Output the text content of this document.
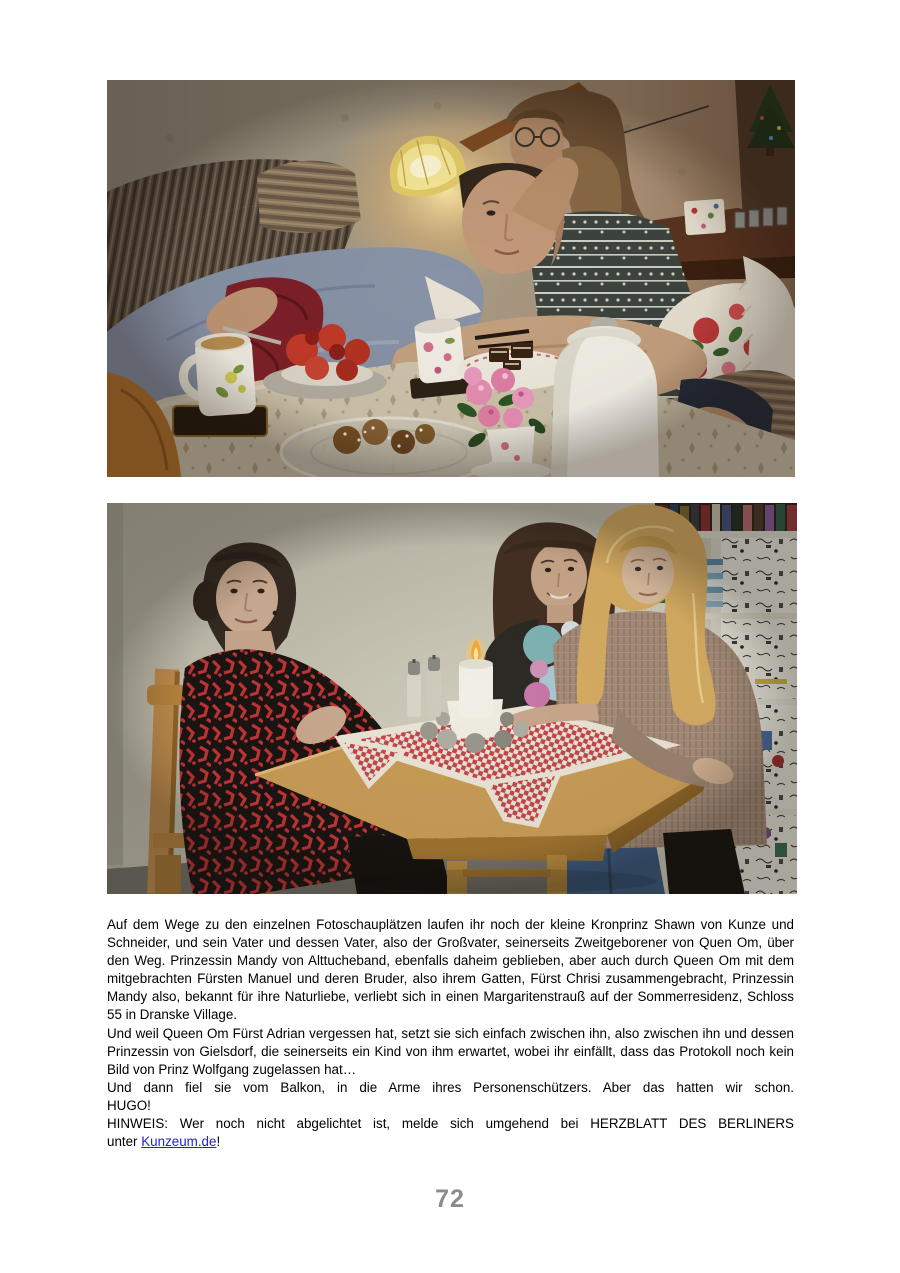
Auf dem Wege zu den einzelnen Fotoschauplätzen laufen ihr noch der kleine Kronprinz Shawn von Kunze und Schneider, und sein Vater und dessen Vater, also der Großvater, seinerseits Zweitgeborener von Quen Om, über den Weg. Prinzessin Mandy von Alttucheband, ebenfalls daheim geblieben, aber auch durch Queen Om mit dem mitgebrachten Fürsten Manuel und deren Bruder, also ihrem Gatten, Fürst Chrisi zusammengebracht, Prinzessin Mandy also, bekannt für ihre Naturliebe, verliebt sich in einen Margaritenstrauß auf der Sommerresidenz, Schloss 55 in Dranske Village.

Und weil Queen Om Fürst Adrian vergessen hat, setzt sie sich einfach zwischen ihn, also zwischen ihn und dessen Prinzessin von Gielsdorf, die seinerseits ein Kind von ihm erwartet, wobei ihr einfällt, dass das Protokoll noch kein Bild von Prinz Wolfgang zugelassen hat…

Und dann fiel sie vom Balkon, in die Arme ihres Personenschützers. Aber das hatten wir schon.

HUGO!

HINWEIS: Wer noch nicht abgelichtet ist, melde sich umgehend bei HERZBLATT DES BERLINERS

unter Kunzeum.de!

72
